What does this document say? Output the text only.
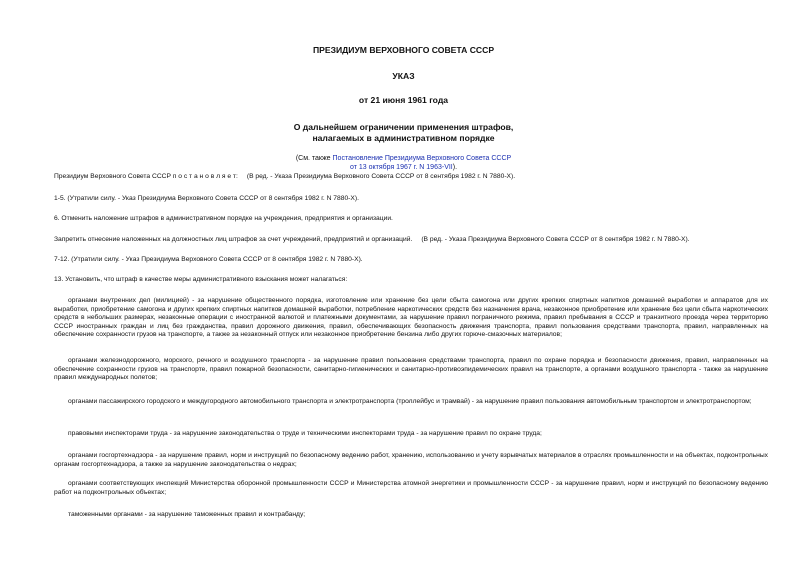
ПРЕЗИДИУМ ВЕРХОВНОГО СОВЕТА СССР
УКАЗ
от 21 июня 1961 года
О дальнейшем ограничении применения штрафов,
налагаемых в административном порядке
(См. также Постановление Президиума Верховного Совета СССР
от 13 октября 1967 г. N 1963-VII).
Президиум Верховного Совета СССР п о с т а н о в л я е т: (В ред. - Указа Президиума Верховного Совета СССР от 8 сентября 1982 г. N 7880-X).
1-5. (Утратили силу. - Указ Президиума Верховного Совета СССР от 8 сентября 1982 г. N 7880-X).
6. Отменить наложение штрафов в административном порядке на учреждения, предприятия и организации.
Запретить отнесение наложенных на должностных лиц штрафов за счет учреждений, предприятий и организаций. (В ред. - Указа Президиума Верховного Совета СССР от 8 сентября 1982 г. N 7880-X).
7-12. (Утратили силу. - Указ Президиума Верховного Совета СССР от 8 сентября 1982 г. N 7880-X).
13. Установить, что штраф в качестве меры административного взыскания может налагаться:
органами внутренних дел (милицией) - за нарушение общественного порядка, изготовление или хранение без цели сбыта самогона или других крепких спиртных напитков домашней выработки и аппаратов для их выработки, приобретение самогона и других крепких спиртных напитков домашней выработки, потребление наркотических средств без назначения врача, незаконное приобретение или хранение без цели сбыта наркотических средств в небольших размерах, незаконные операции с иностранной валютой и платежными документами, за нарушение правил пограничного режима, правил пребывания в СССР и транзитного проезда через территорию СССР иностранных граждан и лиц без гражданства, правил дорожного движения, правил, обеспечивающих безопасность движения транспорта, правил пользования средствами транспорта, правил, направленных на обеспечение сохранности грузов на транспорте, а также за незаконный отпуск или незаконное приобретение бензина либо других горюче-смазочных материалов;
органами железнодорожного, морского, речного и воздушного транспорта - за нарушение правил пользования средствами транспорта, правил по охране порядка и безопасности движения, правил, направленных на обеспечение сохранности грузов на транспорте, правил пожарной безопасности, санитарно-гигиенических и санитарно-противоэпидемических правил на транспорте, а органами воздушного транспорта - также за нарушение правил международных полетов;
органами пассажирского городского и междугородного автомобильного транспорта и электротранспорта (троллейбус и трамвай) - за нарушение правил пользования автомобильным транспортом и электротранспортом;
правовыми инспекторами труда - за нарушение законодательства о труде и техническими инспекторами труда - за нарушение правил по охране труда;
органами госгортехнадзора - за нарушение правил, норм и инструкций по безопасному ведению работ, хранению, использованию и учету взрывчатых материалов в отраслях промышленности и на объектах, подконтрольных органам госгортехнадзора, а также за нарушение законодательства о недрах;
органами соответствующих инспекций Министерства оборонной промышленности СССР и Министерства атомной энергетики и промышленности СССР - за нарушение правил, норм и инструкций по безопасному ведению работ на подконтрольных объектах;
таможенными органами - за нарушение таможенных правил и контрабанду;
